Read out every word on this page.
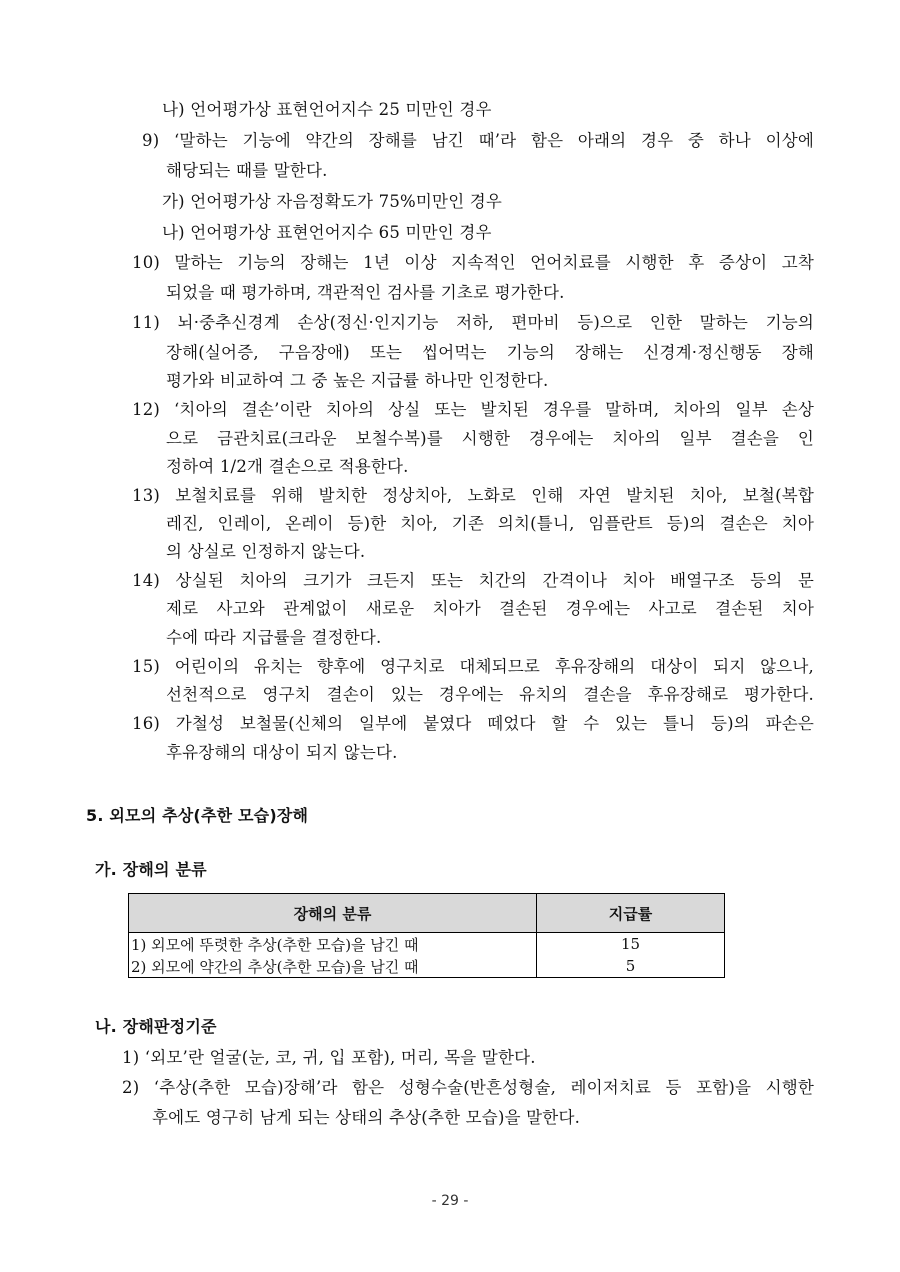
나) 언어평가상 표현언어지수 25 미만인 경우
9) ‘말하는 기능에 약간의 장해를 남긴 때’라 함은 아래의 경우 중 하나 이상에
해당되는 때를 말한다.
가) 언어평가상 자음정확도가 75%미만인 경우
나) 언어평가상 표현언어지수 65 미만인 경우
10) 말하는 기능의 장해는 1년 이상 지속적인 언어치료를 시행한 후 증상이 고착
되었을 때 평가하며, 객관적인 검사를 기초로 평가한다.
11) 뇌·중추신경계 손상(정신·인지기능 저하, 편마비 등)으로 인한 말하는 기능의
장해(실어증, 구음장애) 또는 씹어먹는 기능의 장해는 신경계·정신행동 장해
평가와 비교하여 그 중 높은 지급률 하나만 인정한다.
12) ‘치아의 결손’이란 치아의 상실 또는 발치된 경우를 말하며, 치아의 일부 손상
으로 금관치료(크라운 보철수복)를 시행한 경우에는 치아의 일부 결손을 인
정하여 1/2개 결손으로 적용한다.
13) 보철치료를 위해 발치한 정상치아, 노화로 인해 자연 발치된 치아, 보철(복합
레진, 인레이, 온레이 등)한 치아, 기존 의치(틀니, 임플란트 등)의 결손은 치아
의 상실로 인정하지 않는다.
14) 상실된 치아의 크기가 크든지 또는 치간의 간격이나 치아 배열구조 등의 문
제로 사고와 관계없이 새로운 치아가 결손된 경우에는 사고로 결손된 치아
수에 따라 지급률을 결정한다.
15) 어린이의 유치는 향후에 영구치로 대체되므로 후유장해의 대상이 되지 않으나,
선천적으로 영구치 결손이 있는 경우에는 유치의 결손을 후유장해로 평가한다.
16) 가철성 보철물(신체의 일부에 붙였다 떼었다 할 수 있는 틀니 등)의 파손은
후유장해의 대상이 되지 않는다.
5. 외모의 추상(추한 모습)장해
가. 장해의 분류
장해의 분류	지급률
1) 외모에 뚜렷한 추상(추한 모습)을 남긴 때	15
2) 외모에 약간의 추상(추한 모습)을 남긴 때	5
나. 장해판정기준
1) ‘외모’란 얼굴(눈, 코, 귀, 입 포함), 머리, 목을 말한다.
2) ‘추상(추한 모습)장해’라 함은 성형수술(반흔성형술, 레이저치료 등 포함)을 시행한
후에도 영구히 남게 되는 상태의 추상(추한 모습)을 말한다.
- 29 -
